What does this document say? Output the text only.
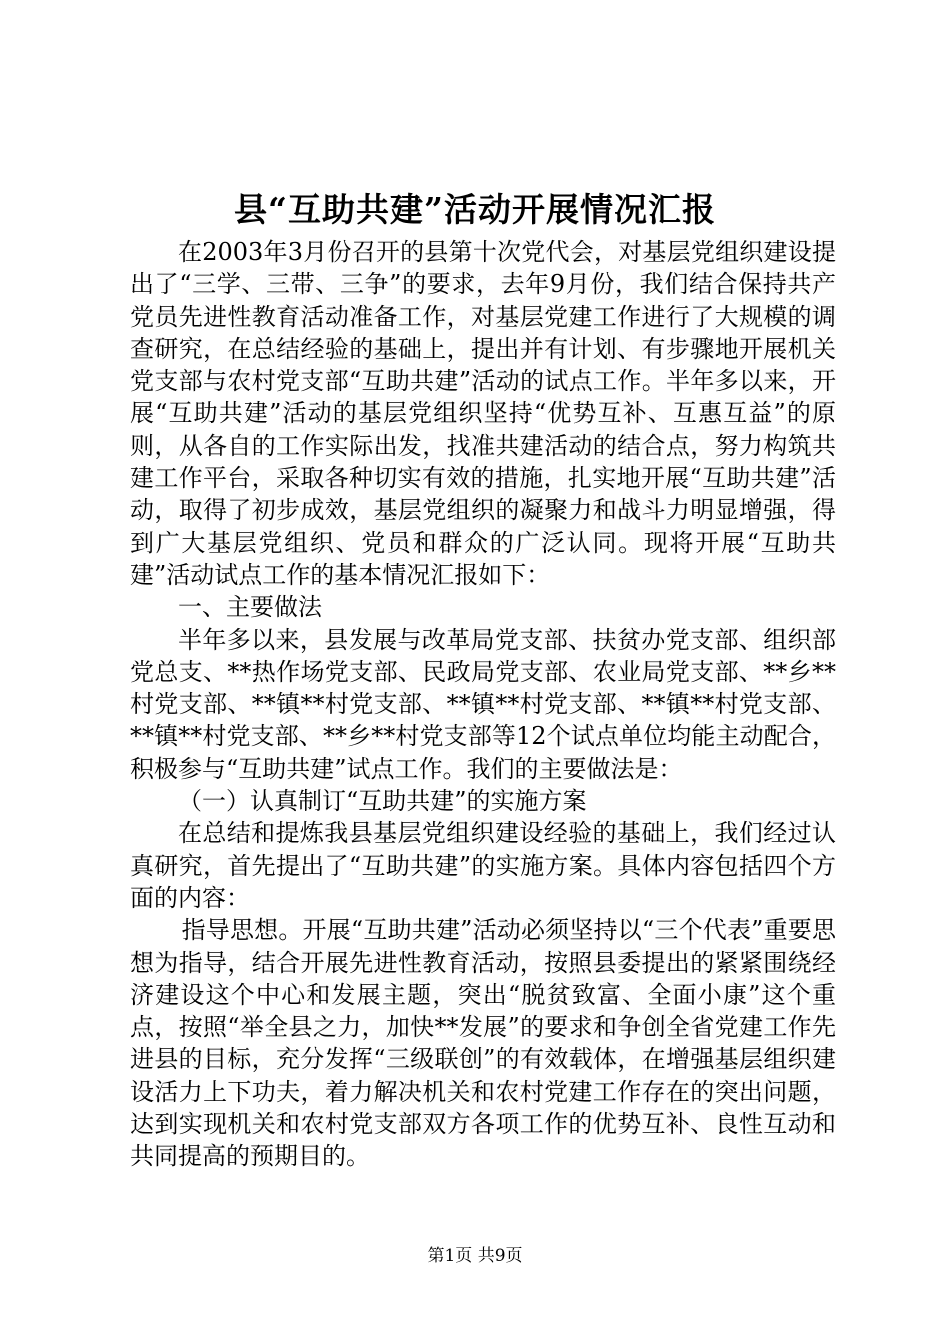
县“互助共建”活动开展情况汇报

在2003年3月份召开的县第十次党代会，对基层党组织建设提出了“三学、三带、三争”的要求，去年9月份，我们结合保持共产党员先进性教育活动准备工作，对基层党建工作进行了大规模的调查研究，在总结经验的基础上，提出并有计划、有步骤地开展机关党支部与农村党支部“互助共建”活动的试点工作。半年多以来，开展“互助共建”活动的基层党组织坚持“优势互补、互惠互益”的原则，从各自的工作实际出发，找准共建活动的结合点，努力构筑共建工作平台，采取各种切实有效的措施，扎实地开展“互助共建”活动，取得了初步成效，基层党组织的凝聚力和战斗力明显增强，得到广大基层党组织、党员和群众的广泛认同。现将开展“互助共建”活动试点工作的基本情况汇报如下：

一、主要做法

半年多以来，县发展与改革局党支部、扶贫办党支部、组织部党总支、**热作场党支部、民政局党支部、农业局党支部、**乡**村党支部、**镇**村党支部、**镇**村党支部、**镇**村党支部、**镇**村党支部、**乡**村党支部等12个试点单位均能主动配合，积极参与“互助共建”试点工作。我们的主要做法是：

（一）认真制订“互助共建”的实施方案

在总结和提炼我县基层党组织建设经验的基础上，我们经过认真研究，首先提出了“互助共建”的实施方案。具体内容包括四个方面的内容：

指导思想。开展“互助共建”活动必须坚持以“三个代表”重要思想为指导，结合开展先进性教育活动，按照县委提出的紧紧围绕经济建设这个中心和发展主题，突出“脱贫致富、全面小康”这个重点，按照“举全县之力，加快**发展”的要求和争创全省党建工作先进县的目标，充分发挥“三级联创”的有效载体，在增强基层组织建设活力上下功夫，着力解决机关和农村党建工作存在的突出问题，达到实现机关和农村党支部双方各项工作的优势互补、良性互动和共同提高的预期目的。

第1页 共9页
